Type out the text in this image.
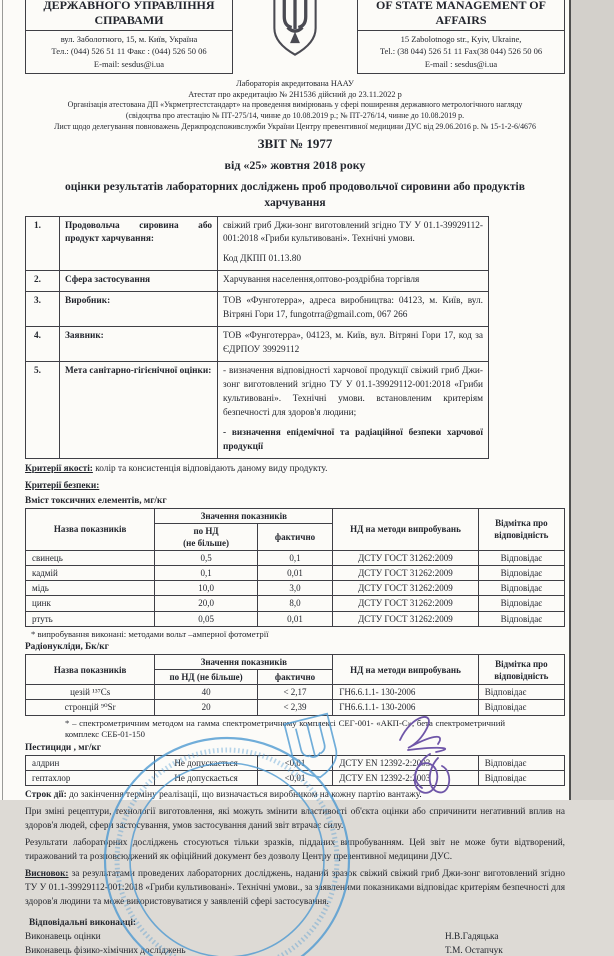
ДЕРЖАВНОГО УПРАВЛІННЯ СПРАВАМИ
вул. Заболотного, 15, м. Київ, Україна
Тел.: (044) 526 51 11 Факс : (044) 526 50 06
E-mail: sesdus@i.ua
OF STATE MANAGEMENT OF AFFAIRS
15 Zabolotnogo str., Kyiv, Ukraine,
Tel.: (38 044) 526 51 11 Fax(38 044) 526 50 06
E-mail : sesdus@i.ua
Лабораторія акредитована НААУ
Атестат про акредитацію № 2Н1536 дійсний до 23.11.2022 р
Організація атестована ДП «Укрметртестстандарт» на проведення вимірювань у сфері поширення державного метрологічного нагляду
(свідоцтва про атестацію № ПТ-275/14, чинне до 10.08.2019 р.; № ПТ-276/14, чинне до 10.08.2019 р.
Лист щодо делегування повноважень Держпродспоживслужби України Центру превентивної медицини ДУС від 29.06.2016 р. № 15-1-2-6/4676
ЗВІТ № 1977
від «25» жовтня 2018 року
оцінки результатів лабораторних досліджень проб продовольчої сировини або продуктів
харчування
1.	Продовольча сировина або продукт харчування:	свіжий гриб Джи-зонг виготовлений згідно ТУ У 01.1-39929112-001:2018 «Гриби культивовані». Технічні умови.
Код ДКПП 01.13.80

2.	Сфера застосування	Харчування населення,оптово-роздрібна торгівля
3.	Виробник:	ТОВ «Фунготерра», адреса виробництва: 04123, м. Київ, вул. Вітряні Гори 17, fungotrra@gmail.com, 067 266
4.	Заявник:	ТОВ «Фунготерра», 04123, м. Київ, вул. Вітряні Гори 17, код за ЄДРПОУ 39929112
5.	Мета санітарно-гігієнічної оцінки:	- визначення відповідності харчової продукції свіжий гриб Джи-зонг виготовлений згідно ТУ У 01.1-39929112-001:2018 «Гриби культивовані». Технічні умови. встановленим критеріям безпечності для здоров'я людини;
- визначення епідемічної та радіаційної безпеки харчової продукції
Критерії якості: колір та консистенція відповідають даному виду продукту.
Критерії безпеки:
Вміст токсичних елементів, мг/кг
Назва показників	Значення показників		НД на методи випробувань	Відмітка про
відповідність

	по НД
(не більше)	фактично		
свинець	0,5	0,1	ДСТУ ГОСТ 31262:2009	Відповідає
кадмій	0,1	0,01	ДСТУ ГОСТ 31262:2009	Відповідає
мідь	10,0	3,0	ДСТУ ГОСТ 31262:2009	Відповідає
цинк	20,0	8,0	ДСТУ ГОСТ 31262:2009	Відповідає
ртуть	0,05	0,01	ДСТУ ГОСТ 31262:2009	Відповідає
* випробування виконані: методами вольт –амперної фотометрії
Радіонукліди, Бк/кг
Назва показників	Значення показників		НД на методи випробувань	Відмітка про
відповідність

	по НД (не більше)	фактично		
цезій ¹³⁷Cs	40	< 2,17	ГН6.6.1.1- 130-2006	Відповідає
стронцій ⁹⁰Sr	20	< 2,39	ГН6.6.1.1- 130-2006	Відповідає
* – спектрометричним методом на гамма спектрометричному комплексі СЕГ-001- «АКП-С», бета спектрометричний комплекс СЕБ-01-150
Пестициди , мг/кг
алдрин	Не допускається	<0,01	ДСТУ EN 12392-2:2003	Відповідає
гептахлор	Не допускається	<0,01	ДСТУ EN 12392-2:2003	Відповідає
Строк дії: до закінчення терміну реалізації, що визначається виробником на кожну партію вантажу.
При зміні рецептури, технології виготовлення, які можуть змінити властивості об'єкта оцінки або спричинити негативний вплив на здоров'я людей, сфери застосування, умов застосування даний звіт втрачає силу.
Результати лабораторних досліджень стосуються тільки зразків, підданих випробуванням. Цей звіт не може бути відтворений, тиражований та розповсюджений як офіційний документ без дозволу Центру превентивної медицини ДУС.
Висновок: за результатами проведених лабораторних досліджень, наданий зразок свіжий свіжий гриб Джи-зонг виготовлений згідно ТУ У 01.1-39929112-001:2018 «Гриби культивовані». Технічні умови., за заявленими показниками відповідає критеріям безпечності для здоров'я людини та може використовуватися у заявленій сфері застосування.
Відповідальні виконавці:
Виконавець оцінки	Н.В.Гадяцька
Виконавець фізико-хімічних досліджень	Т.М. Остапчук
